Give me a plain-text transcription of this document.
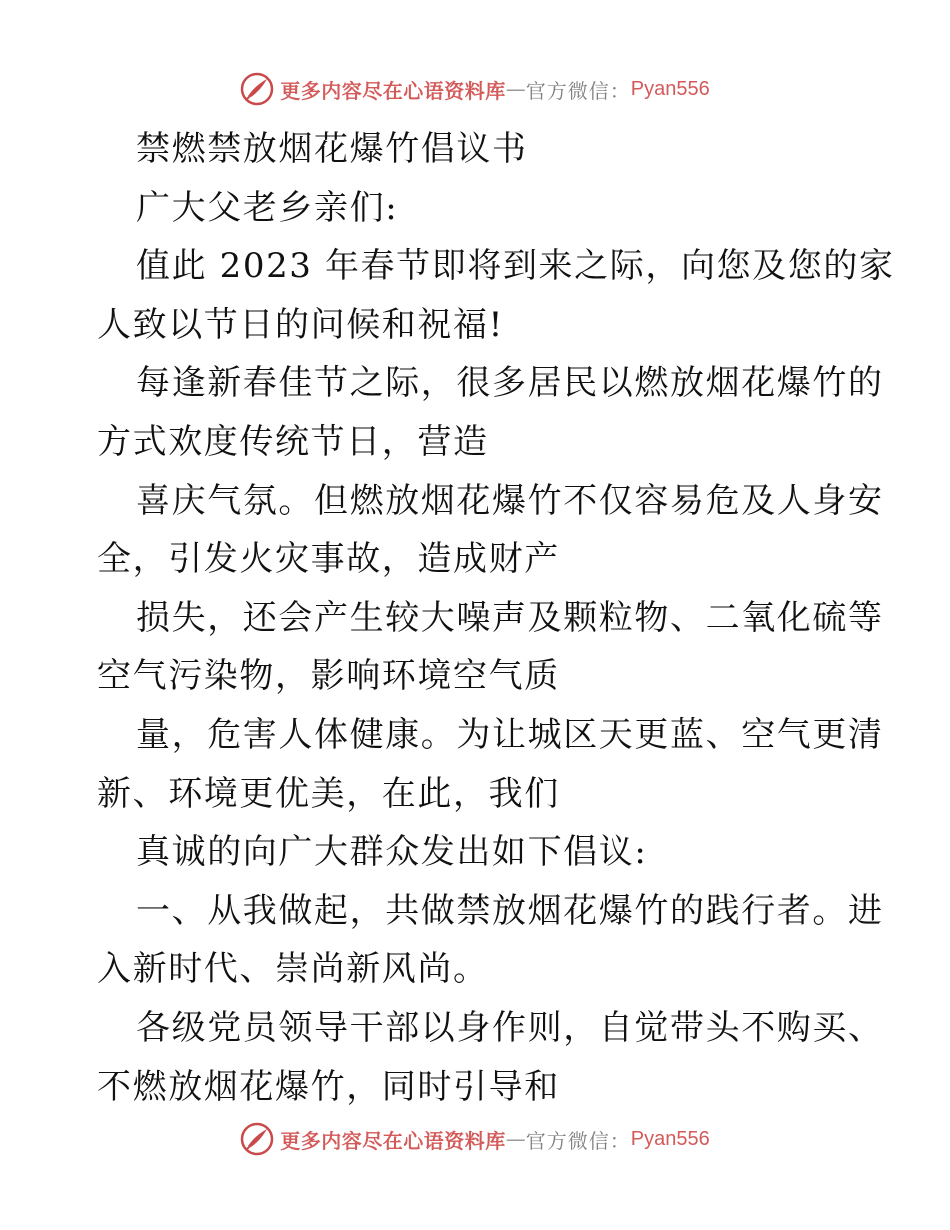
更多内容尽在心语资料库 — 官方微信： Pyan556
禁燃禁放烟花爆竹倡议书
广大父老乡亲们:
值此 2023 年春节即将到来之际，向您及您的家
人致以节日的问候和祝福!
每逢新春佳节之际，很多居民以燃放烟花爆竹的
方式欢度传统节日，营造
喜庆气氛。但燃放烟花爆竹不仅容易危及人身安
全，引发火灾事故，造成财产
损失，还会产生较大噪声及颗粒物、二氧化硫等
空气污染物，影响环境空气质
量，危害人体健康。为让城区天更蓝、空气更清
新、环境更优美，在此，我们
真诚的向广大群众发出如下倡议:
一、从我做起，共做禁放烟花爆竹的践行者。进
入新时代、崇尚新风尚。
各级党员领导干部以身作则，自觉带头不购买、
不燃放烟花爆竹，同时引导和
更多内容尽在心语资料库 — 官方微信： Pyan556
